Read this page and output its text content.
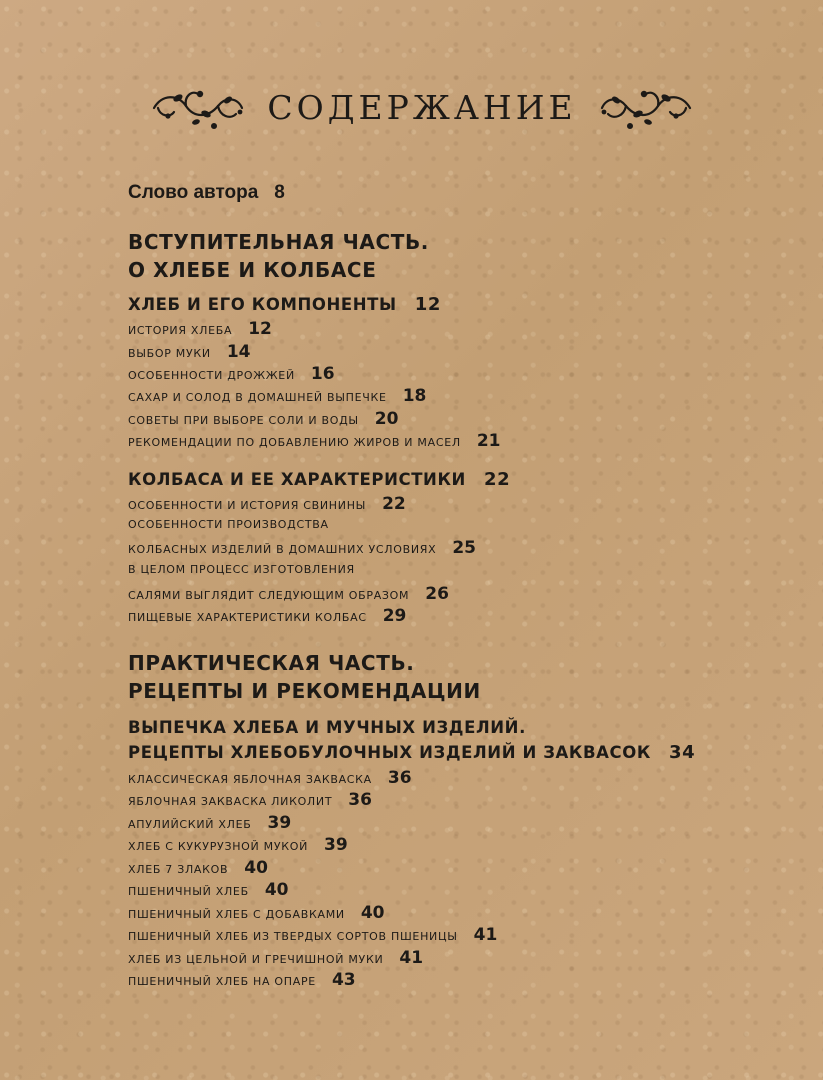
СОДЕРЖАНИЕ
Слово автора 8
ВСТУПИТЕЛЬНАЯ ЧАСТЬ.
О ХЛЕБЕ И КОЛБАСЕ
ХЛЕБ И ЕГО КОМПОНЕНТЫ 12
ИСТОРИЯ ХЛЕБА 12
ВЫБОР МУКИ 14
ОСОБЕННОСТИ ДРОЖЖЕЙ 16
САХАР И СОЛОД В ДОМАШНЕЙ ВЫПЕЧКЕ 18
СОВЕТЫ ПРИ ВЫБОРЕ СОЛИ И ВОДЫ 20
РЕКОМЕНДАЦИИ ПО ДОБАВЛЕНИЮ ЖИРОВ И МАСЕЛ 21
КОЛБАСА И ЕЕ ХАРАКТЕРИСТИКИ 22
ОСОБЕННОСТИ И ИСТОРИЯ СВИНИНЫ 22
ОСОБЕННОСТИ ПРОИЗВОДСТВА
КОЛБАСНЫХ ИЗДЕЛИЙ В ДОМАШНИХ УСЛОВИЯХ 25
В ЦЕЛОМ ПРОЦЕСС ИЗГОТОВЛЕНИЯ
САЛЯМИ ВЫГЛЯДИТ СЛЕДУЮЩИМ ОБРАЗОМ 26
ПИЩЕВЫЕ ХАРАКТЕРИСТИКИ КОЛБАС 29
ПРАКТИЧЕСКАЯ ЧАСТЬ.
РЕЦЕПТЫ И РЕКОМЕНДАЦИИ
ВЫПЕЧКА ХЛЕБА И МУЧНЫХ ИЗДЕЛИЙ.
РЕЦЕПТЫ ХЛЕБОБУЛОЧНЫХ ИЗДЕЛИЙ И ЗАКВАСОК 34
КЛАССИЧЕСКАЯ ЯБЛОЧНАЯ ЗАКВАСКА 36
ЯБЛОЧНАЯ ЗАКВАСКА ЛИКОЛИТ 36
АПУЛИЙСКИЙ ХЛЕБ 39
ХЛЕБ С КУКУРУЗНОЙ МУКОЙ 39
ХЛЕБ 7 ЗЛАКОВ 40
ПШЕНИЧНЫЙ ХЛЕБ 40
ПШЕНИЧНЫЙ ХЛЕБ С ДОБАВКАМИ 40
ПШЕНИЧНЫЙ ХЛЕБ ИЗ ТВЕРДЫХ СОРТОВ ПШЕНИЦЫ 41
ХЛЕБ ИЗ ЦЕЛЬНОЙ И ГРЕЧИШНОЙ МУКИ 41
ПШЕНИЧНЫЙ ХЛЕБ НА ОПАРЕ 43
